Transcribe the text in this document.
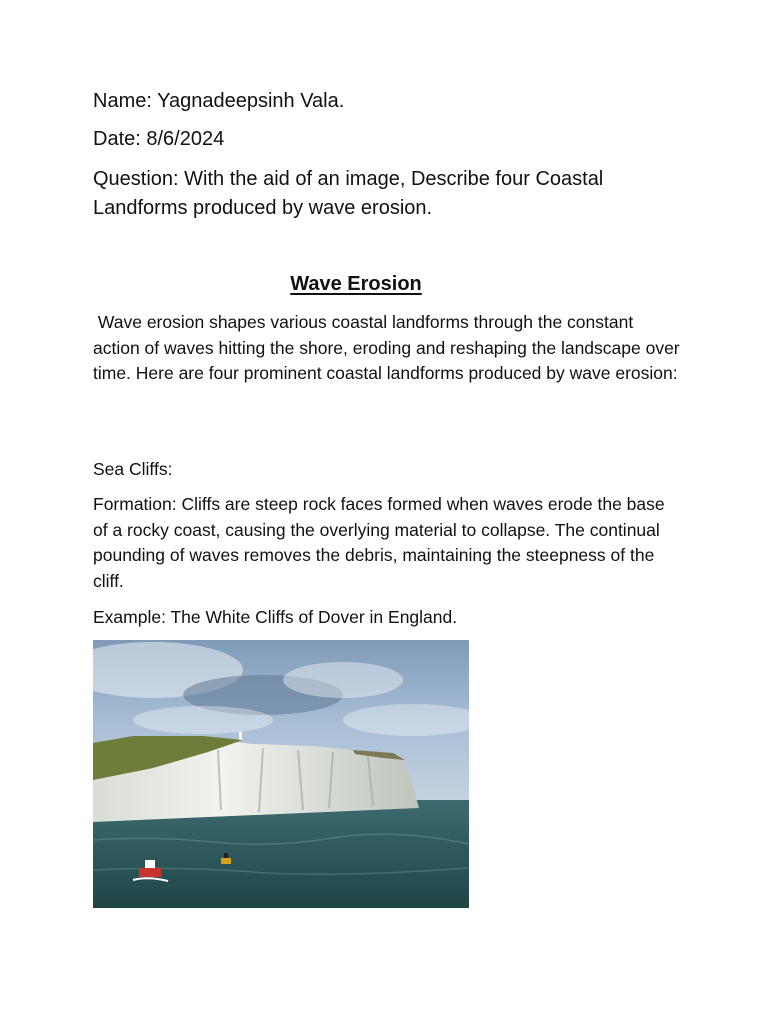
Name: Yagnadeepsinh Vala.

Date: 8/6/2024

Question: With the aid of an image, Describe four Coastal Landforms produced by wave erosion.

Wave Erosion

Wave erosion shapes various coastal landforms through the constant action of waves hitting the shore, eroding and reshaping the landscape over time. Here are four prominent coastal landforms produced by wave erosion:

Sea Cliffs:

Formation: Cliffs are steep rock faces formed when waves erode the base of a rocky coast, causing the overlying material to collapse. The continual pounding of waves removes the debris, maintaining the steepness of the cliff.

Example: The White Cliffs of Dover in England.
